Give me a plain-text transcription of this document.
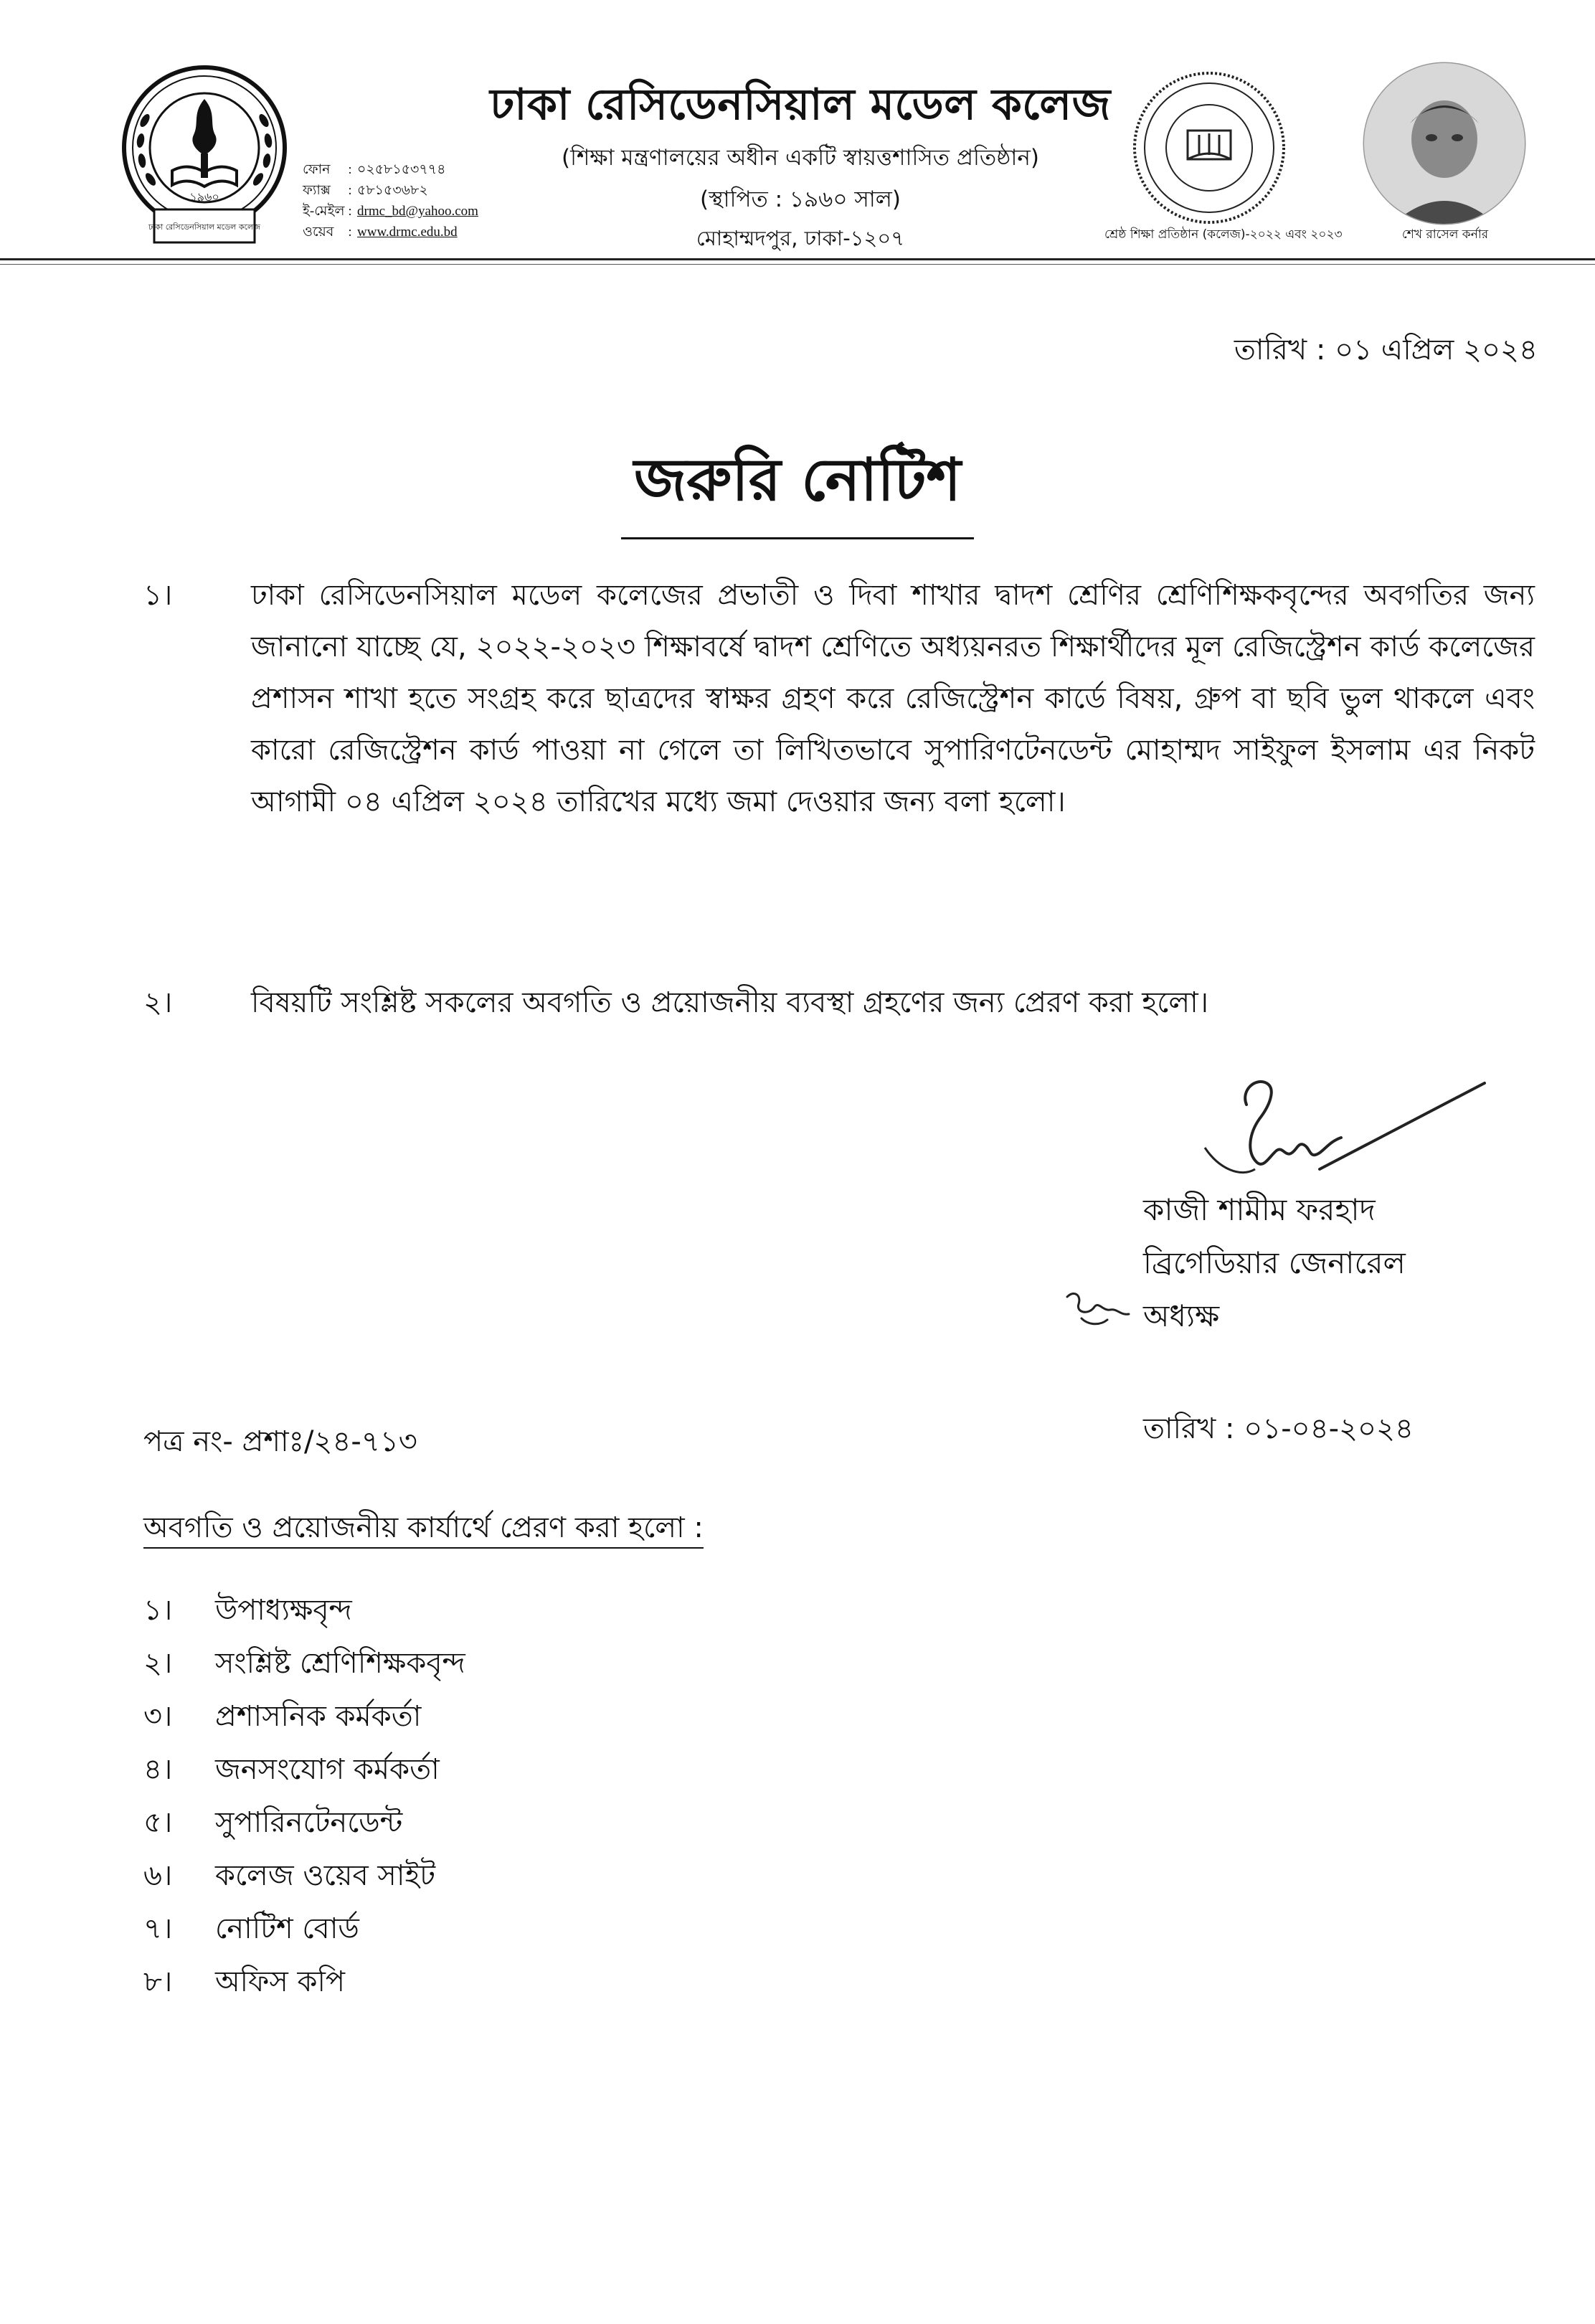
ঢাকা রেসিডেনসিয়াল মডেল কলেজ
১৯৬০
ফোন	: ০২৫৮১৫৩৭৭৪
ফ্যাক্স	: ৫৮১৫৩৬৮২
ই-মেইল : drmc_bd@yahoo.com
ওয়েব	: www.drmc.edu.bd
ঢাকা রেসিডেনসিয়াল মডেল কলেজ
(শিক্ষা মন্ত্রণালয়ের অধীন একটি স্বায়ত্তশাসিত প্রতিষ্ঠান)
(স্থাপিত : ১৯৬০ সাল)
মোহাম্মদপুর, ঢাকা-১২০৭	শ্রেষ্ঠ শিক্ষা প্রতিষ্ঠান (কলেজ)-২০২২ এবং ২০২৩	শেখ রাসেল কর্নার
তারিখ : ০১ এপ্রিল ২০২৪
জরুরি নোটিশ
১।	ঢাকা রেসিডেনসিয়াল মডেল কলেজের প্রভাতী ও দিবা শাখার দ্বাদশ শ্রেণির শ্রেণিশিক্ষকবৃন্দের অবগতির জন্য জানানো যাচ্ছে যে, ২০২২-২০২৩ শিক্ষাবর্ষে দ্বাদশ শ্রেণিতে অধ্যয়নরত শিক্ষার্থীদের মূল রেজিস্ট্রেশন কার্ড কলেজের প্রশাসন শাখা হতে সংগ্রহ করে ছাত্রদের স্বাক্ষর গ্রহণ করে রেজিস্ট্রেশন কার্ডে বিষয়, গ্রুপ বা ছবি ভুল থাকলে এবং কারো রেজিস্ট্রেশন কার্ড পাওয়া না গেলে তা লিখিতভাবে সুপারিণটেনডেন্ট মোহাম্মদ সাইফুল ইসলাম এর নিকট আগামী ০৪ এপ্রিল ২০২৪ তারিখের মধ্যে জমা দেওয়ার জন্য বলা হলো।
২।	বিষয়টি সংশ্লিষ্ট সকলের অবগতি ও প্রয়োজনীয় ব্যবস্থা গ্রহণের জন্য প্রেরণ করা হলো।
কাজী শামীম ফরহাদ
ব্রিগেডিয়ার জেনারেল
অধ্যক্ষ
তারিখ : ০১-০৪-২০২৪
পত্র নং- প্রশাঃ/২৪-৭১৩
অবগতি ও প্রয়োজনীয় কার্যার্থে প্রেরণ করা হলো :
১।	উপাধ্যক্ষবৃন্দ
২।	সংশ্লিষ্ট শ্রেণিশিক্ষকবৃন্দ
৩।	প্রশাসনিক কর্মকর্তা
৪।	জনসংযোগ কর্মকর্তা
৫।	সুপারিনটেনডেন্ট
৬।	কলেজ ওয়েব সাইট
৭।	নোটিশ বোর্ড
৮।	অফিস কপি
